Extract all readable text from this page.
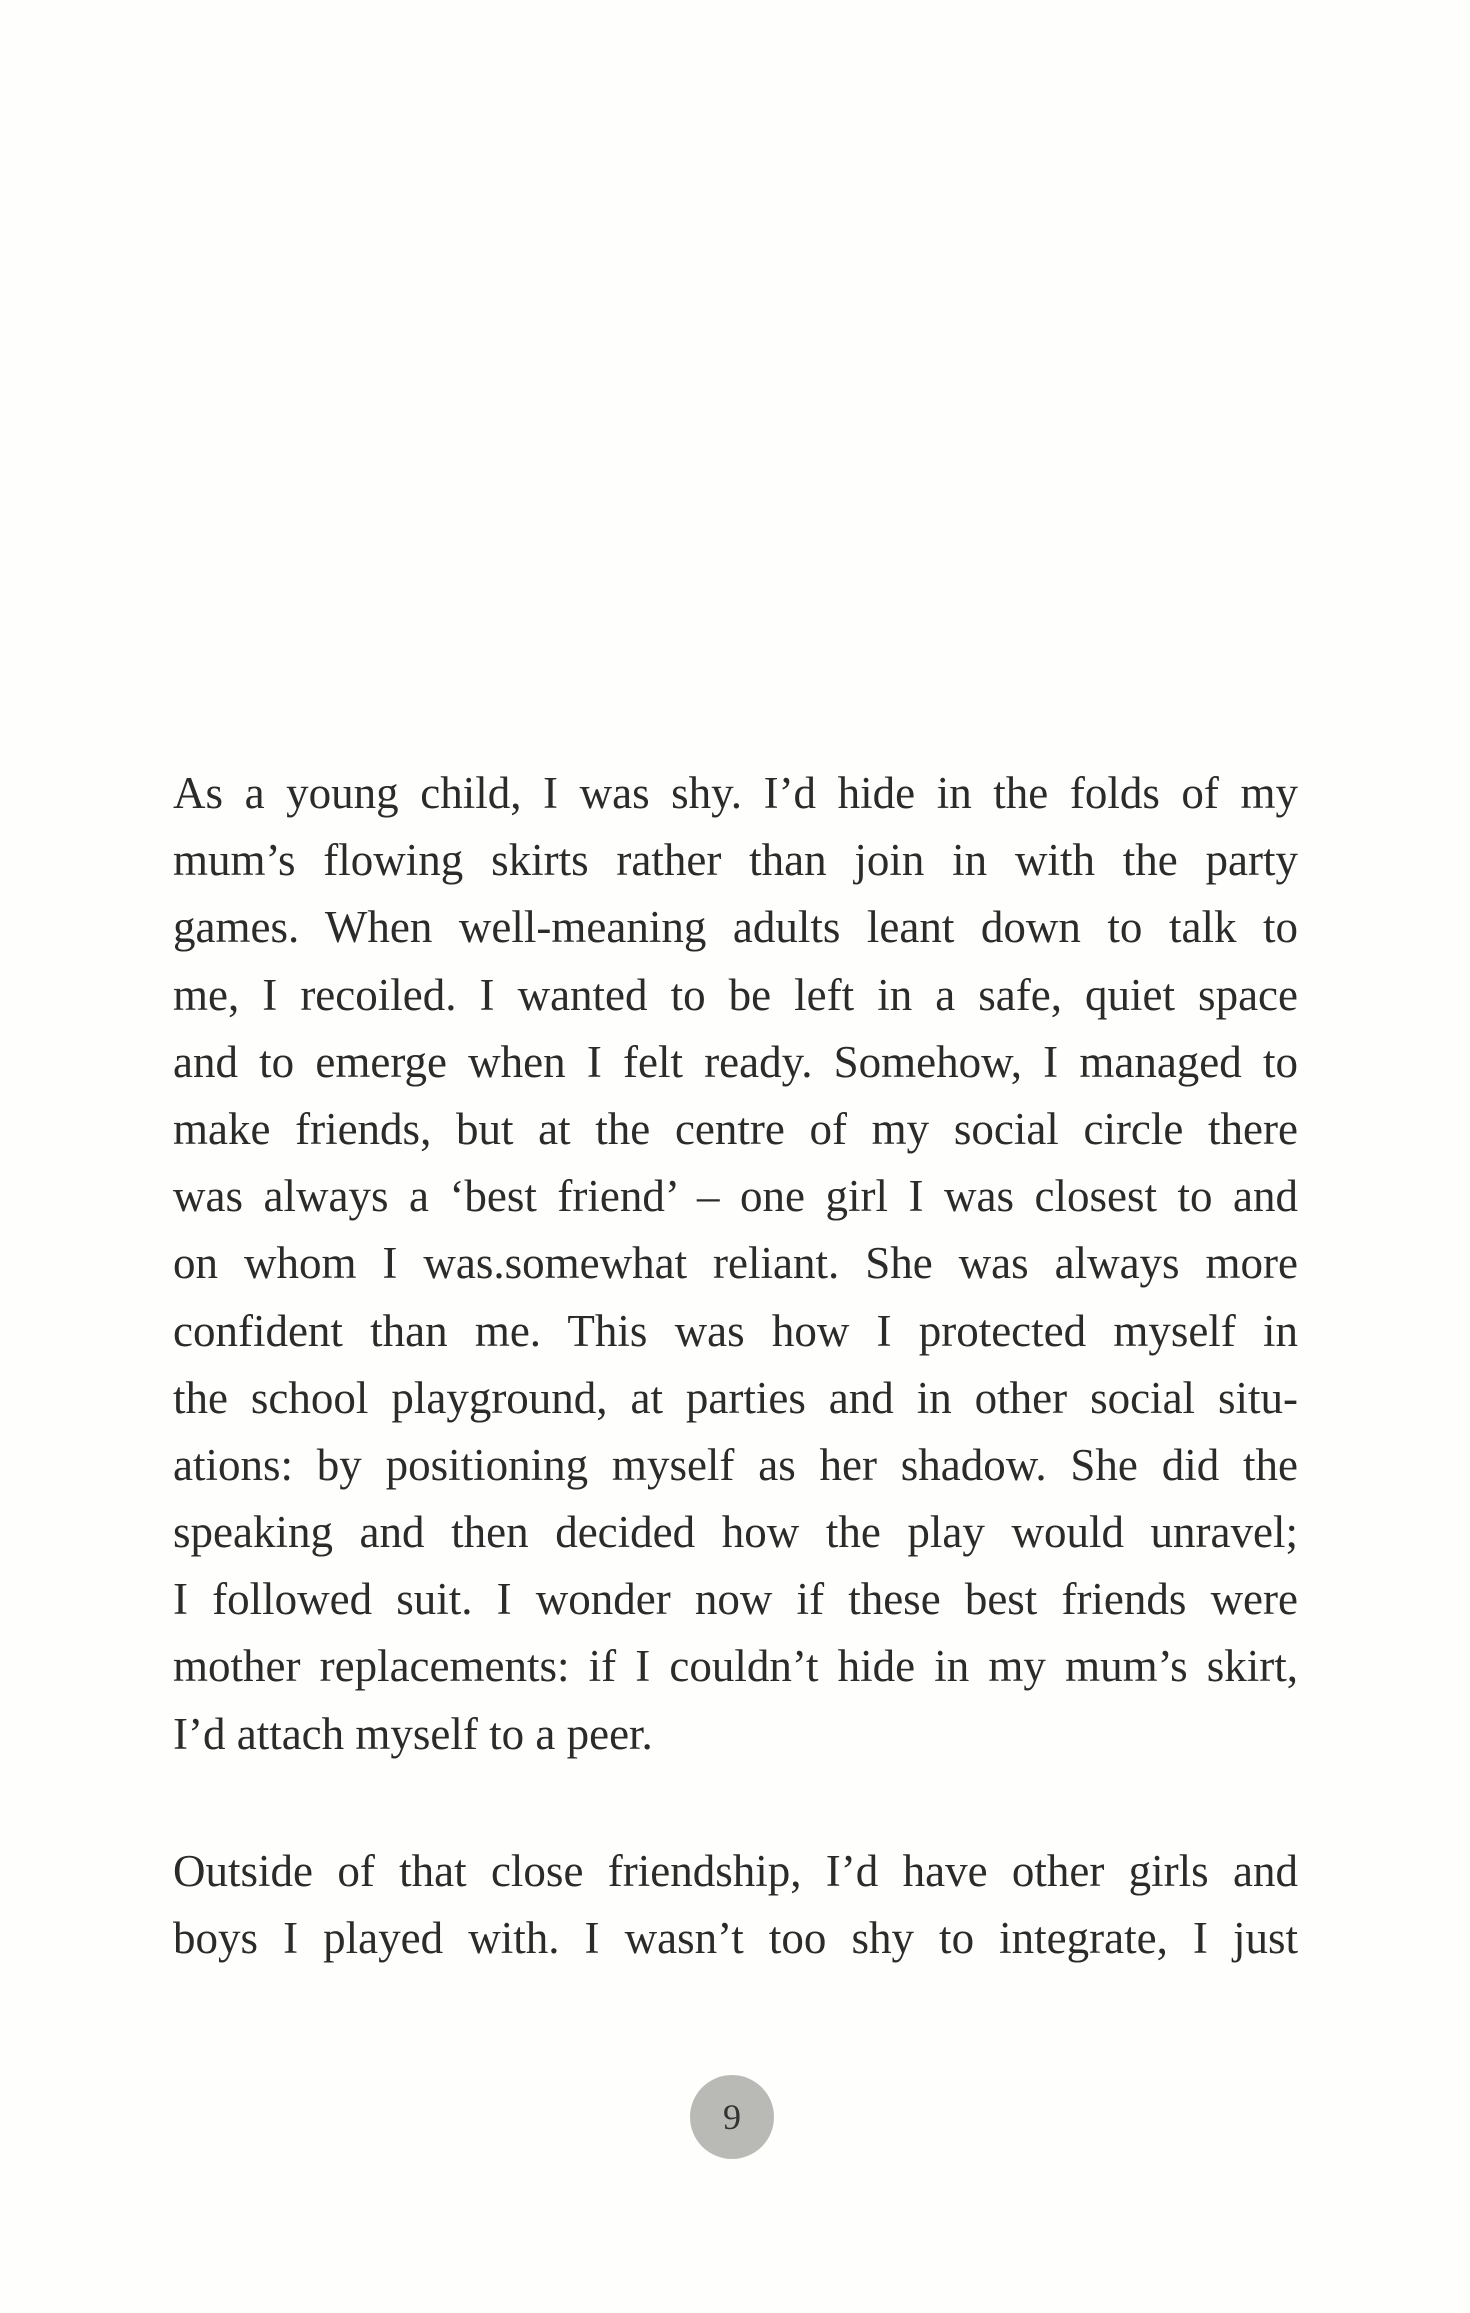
As a young child, I was shy. I’d hide in the folds of my
mum’s flowing skirts rather than join in with the party
games. When well-meaning adults leant down to talk to
me, I recoiled. I wanted to be left in a safe, quiet space
and to emerge when I felt ready. Somehow, I managed to
make friends, but at the centre of my social circle there
was always a ‘best friend’ – one girl I was closest to and
on whom I was.somewhat reliant. She was always more
confident than me. This was how I protected myself in
the school playground, at parties and in other social situ-
ations: by positioning myself as her shadow. She did the
speaking and then decided how the play would unravel;
I followed suit. I wonder now if these best friends were
mother replacements: if I couldn’t hide in my mum’s skirt,
I’d attach myself to a peer.
Outside of that close friendship, I’d have other girls and
boys I played with. I wasn’t too shy to integrate, I just
9
